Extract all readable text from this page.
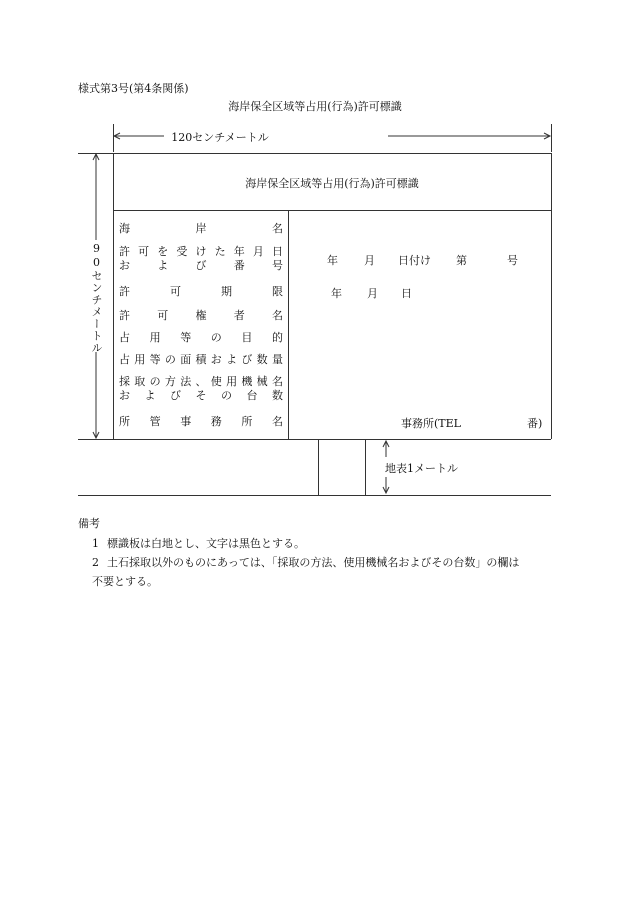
様式第3号(第4条関係)
海岸保全区域等占用(行為)許可標識
120センチメートル
90センチメートル
海岸保全区域等占用(行為)許可標識
海	岸	名
許 可 を 受 け た 年 月 日
お よ び 番 号
許	可	期	限
許 可 権 者 名
占 用 等 の 目 的
占 用 等 の 面 積 お よ び 数 量
採 取 の 方 法 、 使 用 機 械 名
お よ び そ の 台 数
所 管 事 務 所 名
年 月 日付け 第	号
年 月 日
事務所(TEL	番)
地表1メートル
備考
1 標識板は白地とし、文字は黒色とする。
2 土石採取以外のものにあっては、「採取の方法、使用機械名およびその台数」の欄は
不要とする。
